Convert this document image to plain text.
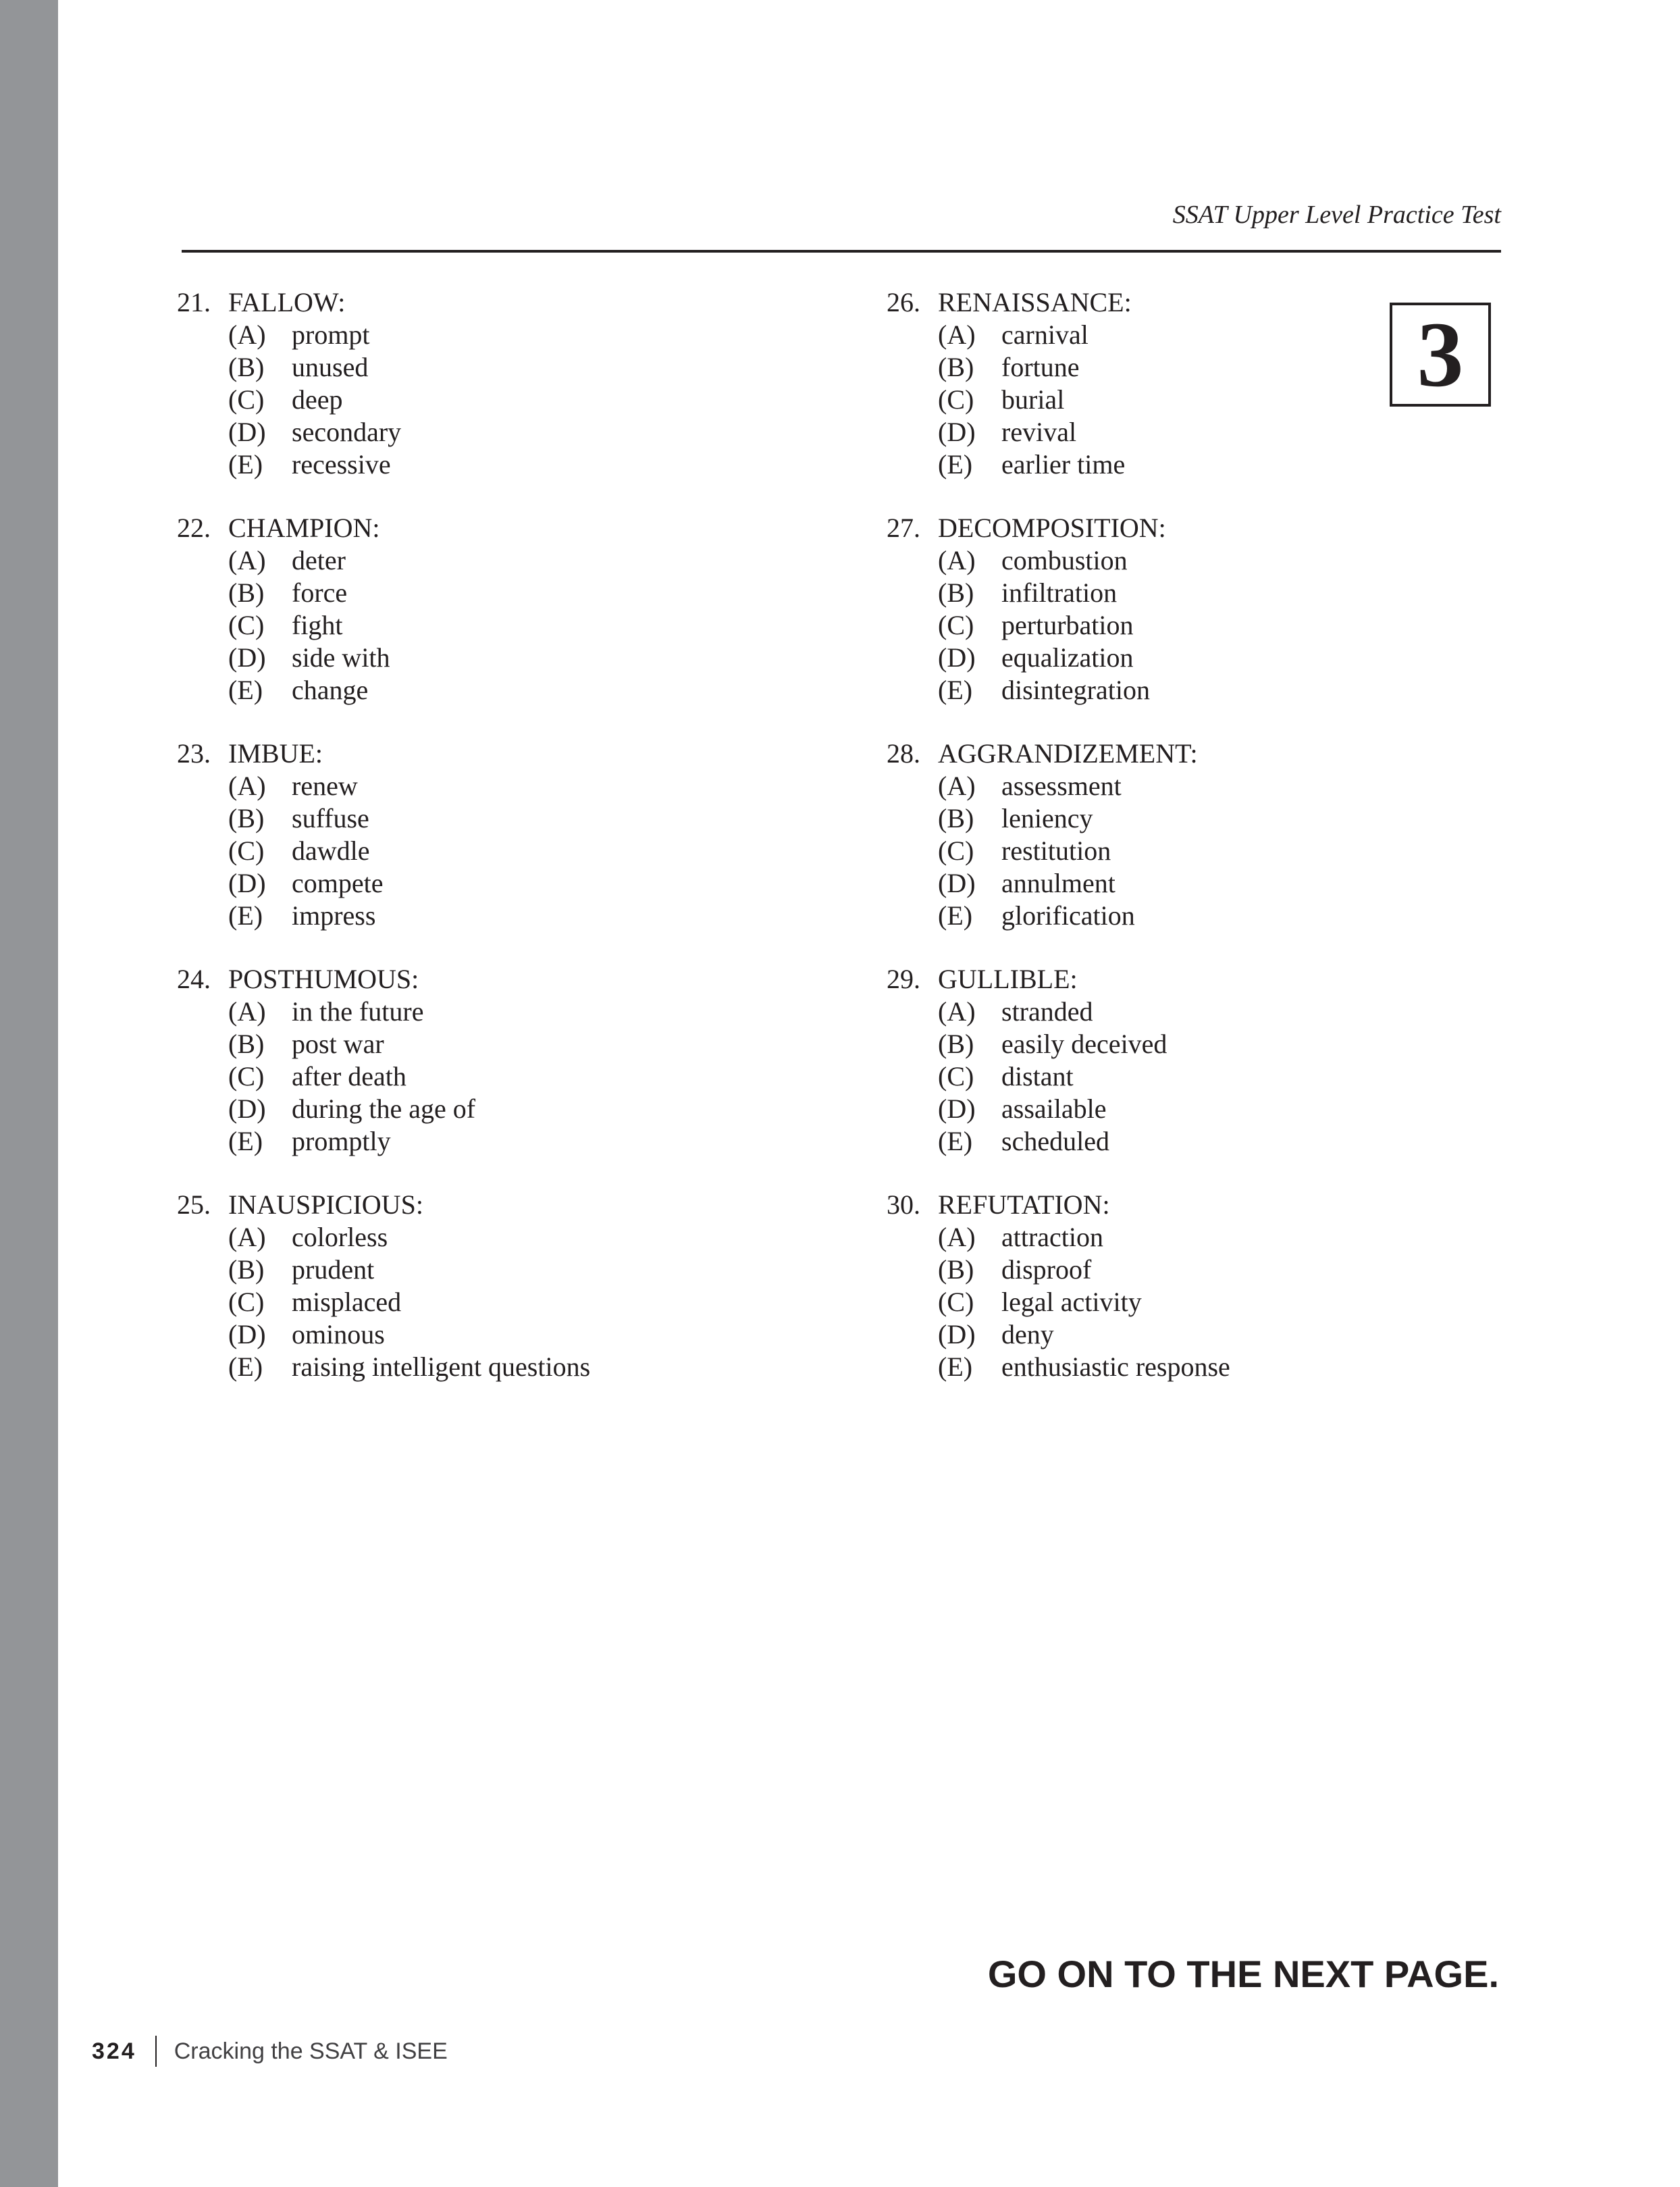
SSAT Upper Level Practice Test
3
21. FALLOW:
(A) prompt
(B)	unused
(C)	deep
(D) secondary
(E)	recessive
22. CHAMPION:
(A) deter
(B)	force
(C)	fight
(D) side with
(E)	change
23. IMBUE:
(A) renew
(B)	suffuse
(C)	dawdle
(D) compete
(E)	impress
24. POSTHUMOUS:
(A) in the future
(B)	post war
(C)	after death
(D) during the age of
(E)	promptly
25. INAUSPICIOUS:
(A) colorless
(B)	prudent
(C)	misplaced
(D) ominous
(E)	raising intelligent questions
26. RENAISSANCE:
(A) carnival
(B)	fortune
(C)	burial
(D) revival
(E)	earlier time
27. DECOMPOSITION:
(A) combustion
(B)	infiltration
(C)	perturbation
(D) equalization
(E)	disintegration
28. AGGRANDIZEMENT:
(A) assessment
(B)	leniency
(C)	restitution
(D) annulment
(E)	glorification
29. GULLIBLE:
(A) stranded
(B)	easily deceived
(C)	distant
(D) assailable
(E)	scheduled
30. REFUTATION:
(A) attraction
(B)	disproof
(C)	legal activity
(D) deny
(E)	enthusiastic response

GO ON TO THE NEXT PAGE.

324 Cracking the SSAT & ISEE
